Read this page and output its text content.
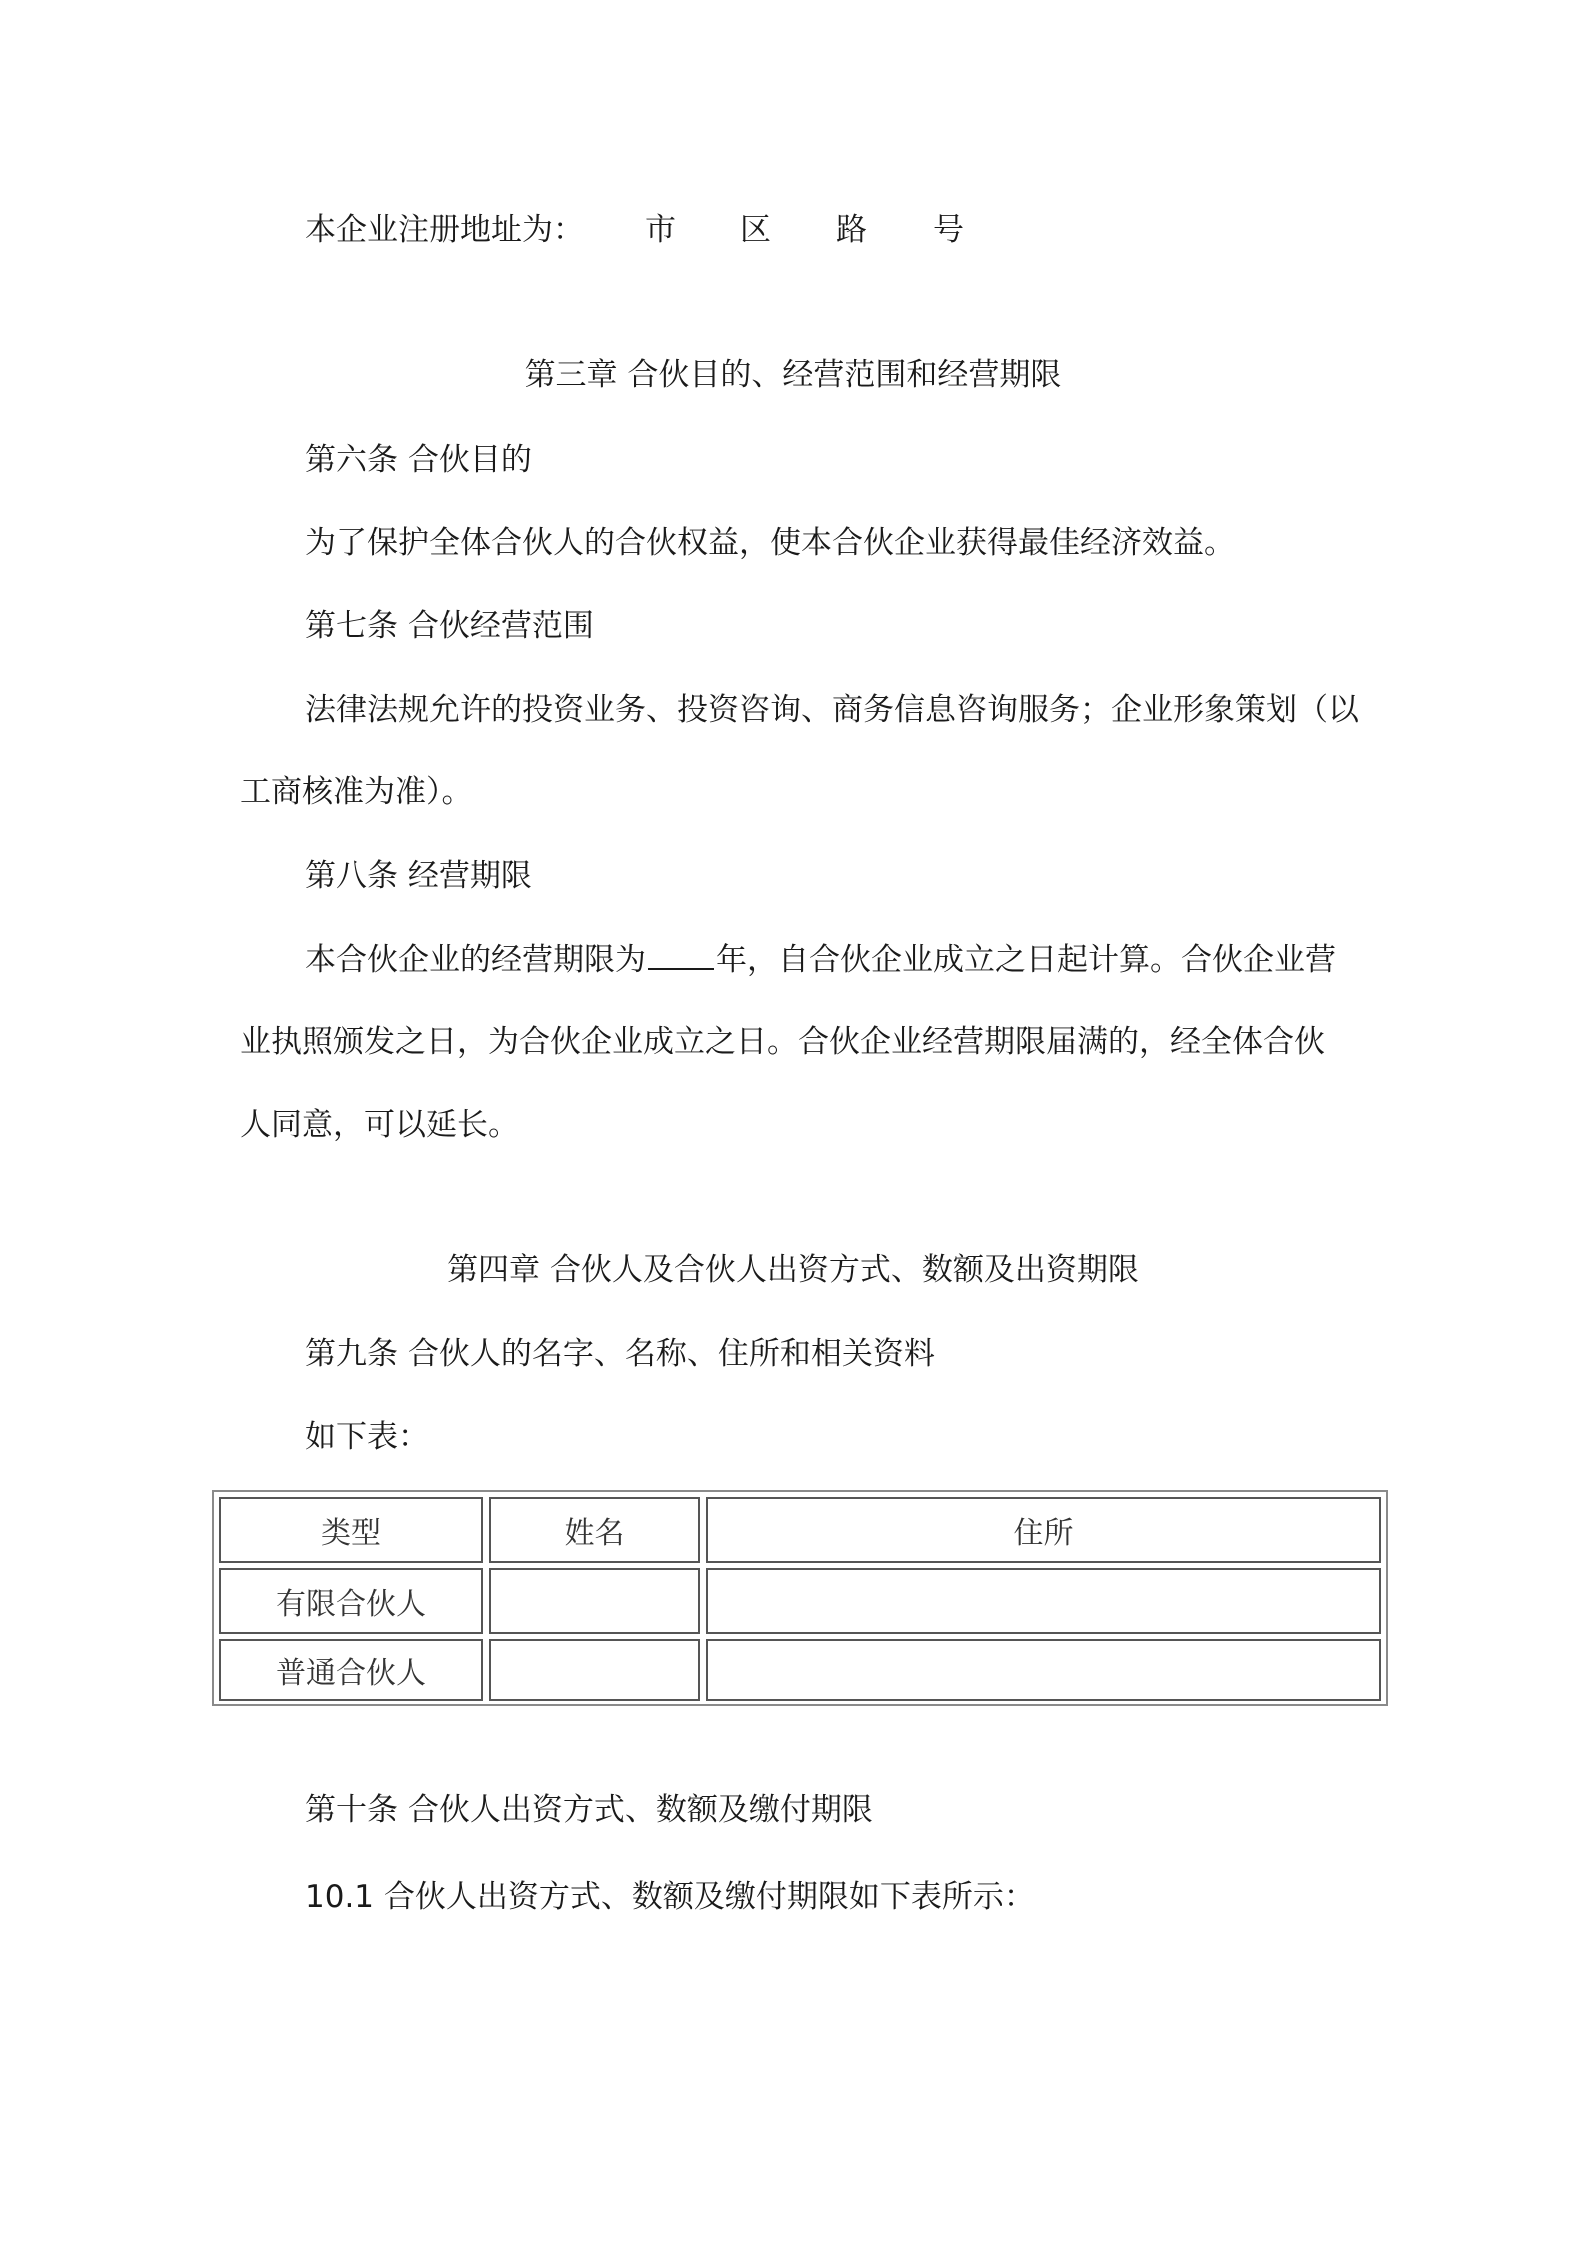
本企业注册地址为： 市 区 路 号

第三章 合伙目的、经营范围和经营期限

第六条 合伙目的

为了保护全体合伙人的合伙权益，使本合伙企业获得最佳经济效益。

第七条 合伙经营范围

法律法规允许的投资业务、投资咨询、商务信息咨询服务；企业形象策划（以

工商核准为准）。

第八条 经营期限

本合伙企业的经营期限为 年，自合伙企业成立之日起计算。合伙企业营

业执照颁发之日，为合伙企业成立之日。合伙企业经营期限届满的，经全体合伙

人同意，可以延长。

第四章 合伙人及合伙人出资方式、数额及出资期限

第九条 合伙人的名字、名称、住所和相关资料

如下表：

类型	姓名	住所
有限合伙人
普通合伙人

第十条 合伙人出资方式、数额及缴付期限

10.1 合伙人出资方式、数额及缴付期限如下表所示：
